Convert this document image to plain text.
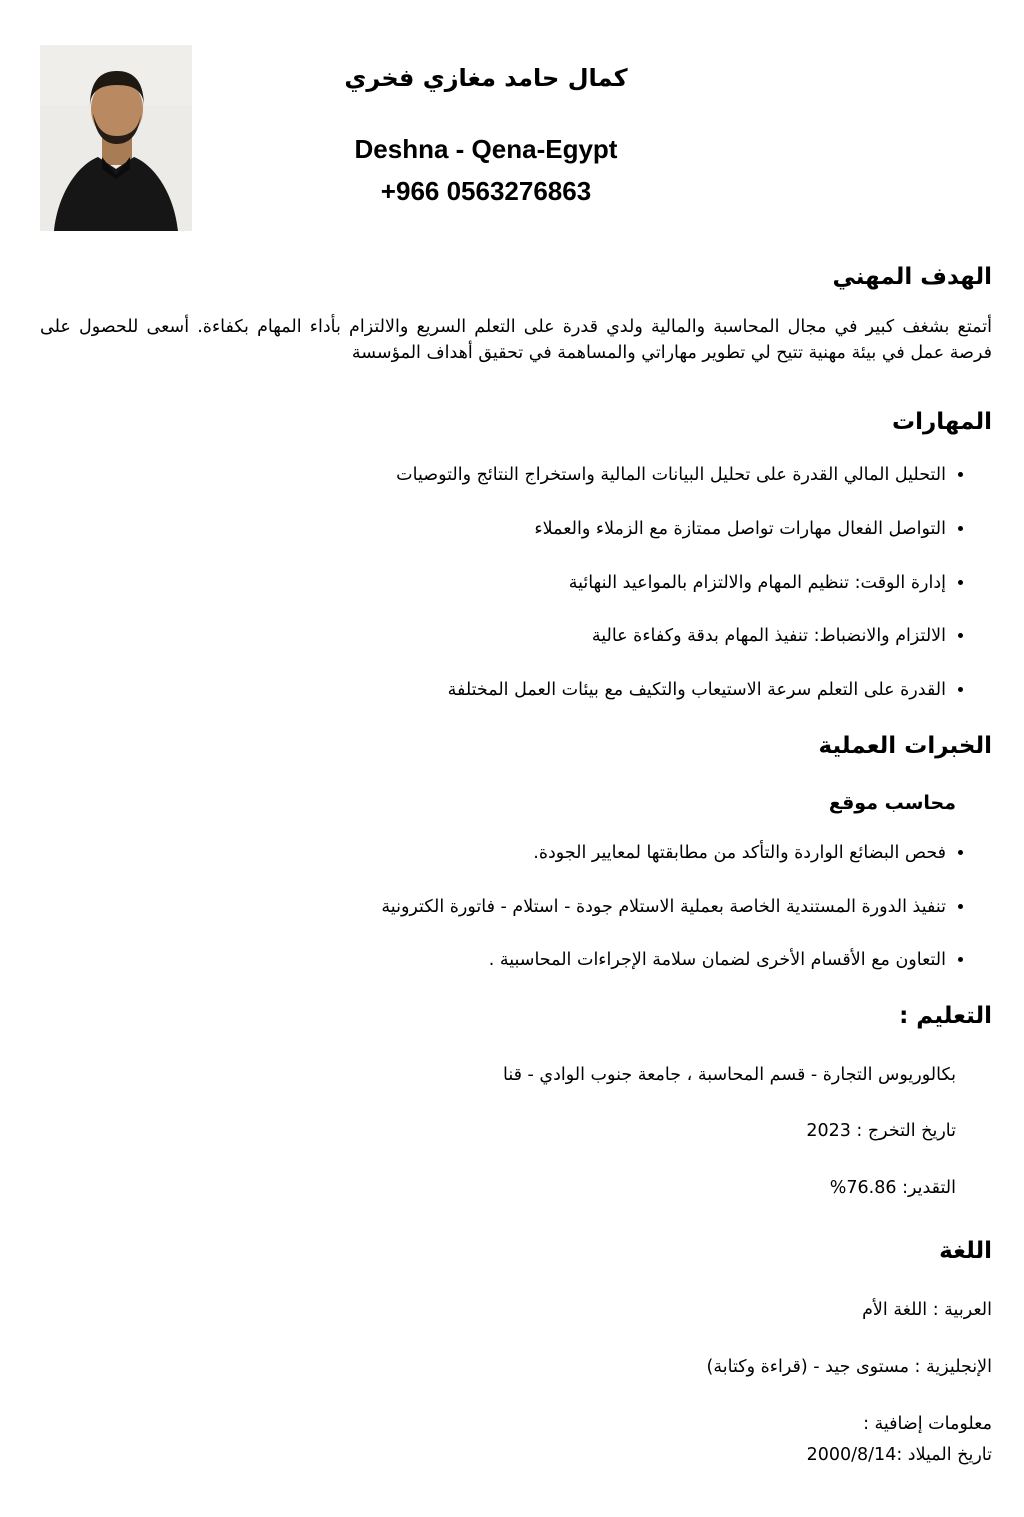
كمال حامد مغازي فخري
Deshna - Qena-Egypt
+966 0563276863
الهدف المهني

أتمتع بشغف كبير في مجال المحاسبة والمالية ولدي قدرة على التعلم السريع والالتزام بأداء المهام بكفاءة. أسعى للحصول على فرصة عمل في بيئة مهنية تتيح لي تطوير مهاراتي والمساهمة في تحقيق أهداف المؤسسة

المهارات
• التحليل المالي القدرة على تحليل البيانات المالية واستخراج النتائج والتوصيات
• التواصل الفعال مهارات تواصل ممتازة مع الزملاء والعملاء
• إدارة الوقت: تنظيم المهام والالتزام بالمواعيد النهائية
• الالتزام والانضباط: تنفيذ المهام بدقة وكفاءة عالية
• القدرة على التعلم سرعة الاستيعاب والتكيف مع بيئات العمل المختلفة
الخبرات العملية
محاسب موقع
• فحص البضائع الواردة والتأكد من مطابقتها لمعايير الجودة.
• تنفيذ الدورة المستندية الخاصة بعملية الاستلام جودة - استلام - فاتورة الكترونية
• التعاون مع الأقسام الأخرى لضمان سلامة الإجراءات المحاسبية .
التعليم :
بكالوريوس التجارة - قسم المحاسبة ، جامعة جنوب الوادي - قنا
تاريخ التخرج : 2023
التقدير: 76.86%
اللغة
العربية : اللغة الأم
الإنجليزية : مستوى جيد - (قراءة وكتابة)
معلومات إضافية :
تاريخ الميلاد :2000/8/14
